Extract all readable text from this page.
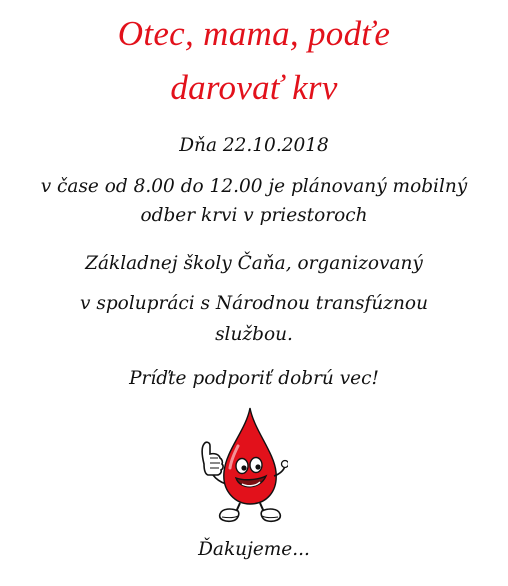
Otec, mama, podťe
darovať krv
Dňa 22.10.2018
v čase od 8.00 do 12.00 je plánovaný mobilný
odber krvi v priestoroch
Základnej školy Čaňa, organizovaný
v spolupráci s Národnou transfúznou
službou.
Príďte podporiť dobrú vec!
Ďakujeme...
